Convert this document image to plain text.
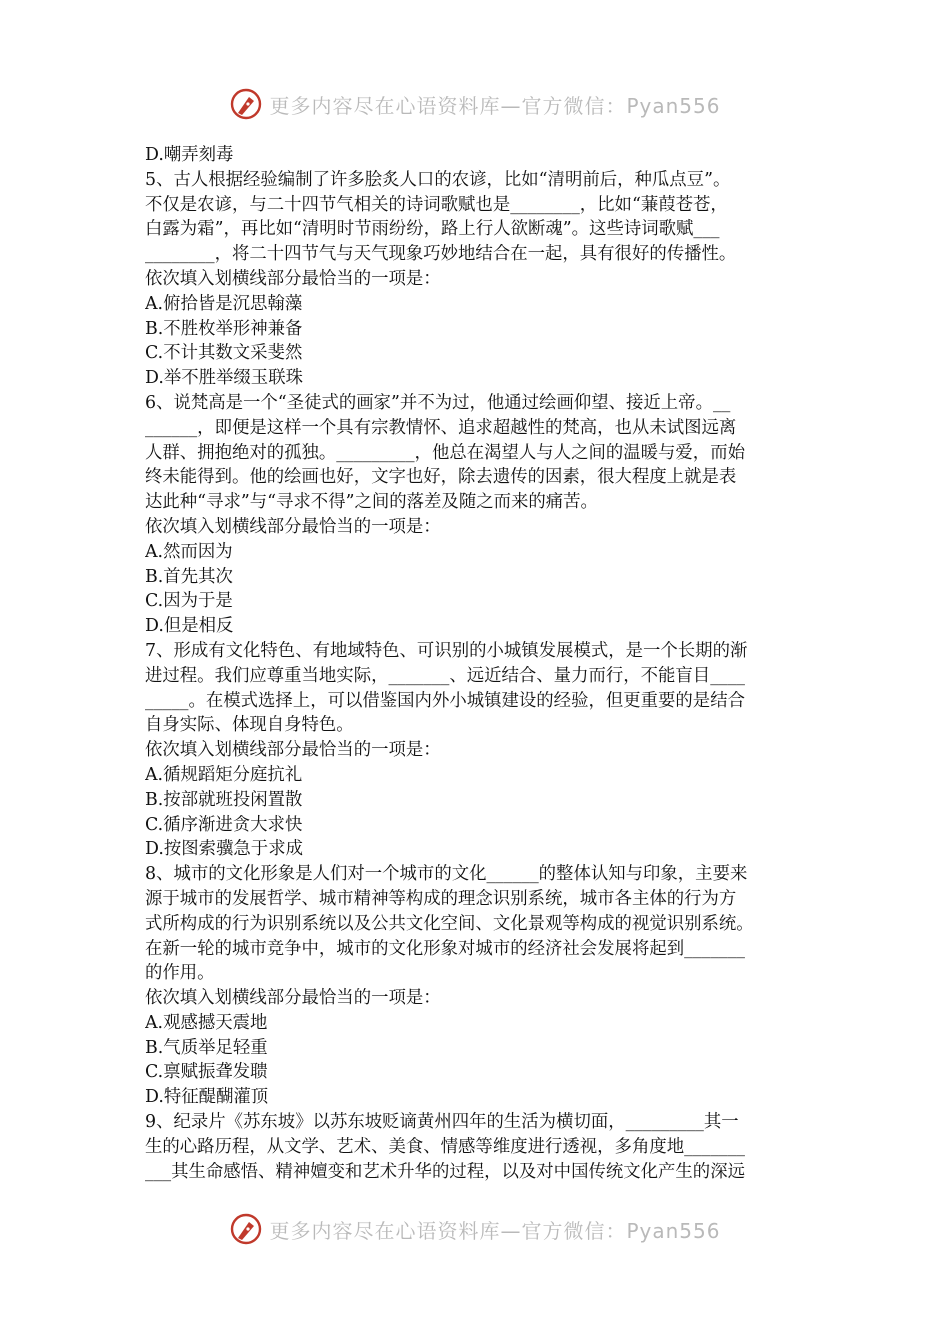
更多内容尽在心语资料库—官方微信：Pyan556
D.嘲弄刻毒
5、古人根据经验编制了许多脍炙人口的农谚，比如“清明前后，种瓜点豆”。
不仅是农谚，与二十四节气相关的诗词歌赋也是________，比如“蒹葭苍苍，
白露为霜”，再比如“清明时节雨纷纷，路上行人欲断魂”。这些诗词歌赋___
________，将二十四节气与天气现象巧妙地结合在一起，具有很好的传播性。
依次填入划横线部分最恰当的一项是：
A.俯拾皆是沉思翰藻
B.不胜枚举形神兼备
C.不计其数文采斐然
D.举不胜举缀玉联珠
6、说梵高是一个“圣徒式的画家”并不为过，他通过绘画仰望、接近上帝。__
______，即便是这样一个具有宗教情怀、追求超越性的梵高，也从未试图远离
人群、拥抱绝对的孤独。_________，他总在渴望人与人之间的温暖与爱，而始
终未能得到。他的绘画也好，文字也好，除去遗传的因素，很大程度上就是表
达此种“寻求”与“寻求不得”之间的落差及随之而来的痛苦。
依次填入划横线部分最恰当的一项是：
A.然而因为
B.首先其次
C.因为于是
D.但是相反
7、形成有文化特色、有地域特色、可识别的小城镇发展模式，是一个长期的渐
进过程。我们应尊重当地实际，_______、远近结合、量力而行，不能盲目____
_____。在模式选择上，可以借鉴国内外小城镇建设的经验，但更重要的是结合
自身实际、体现自身特色。
依次填入划横线部分最恰当的一项是：
A.循规蹈矩分庭抗礼
B.按部就班投闲置散
C.循序渐进贪大求快
D.按图索骥急于求成
8、城市的文化形象是人们对一个城市的文化______的整体认知与印象，主要来
源于城市的发展哲学、城市精神等构成的理念识别系统，城市各主体的行为方
式所构成的行为识别系统以及公共文化空间、文化景观等构成的视觉识别系统。
在新一轮的城市竞争中，城市的文化形象对城市的经济社会发展将起到_______
的作用。
依次填入划横线部分最恰当的一项是：
A.观感撼天震地
B.气质举足轻重
C.禀赋振聋发聩
D.特征醍醐灌顶
9、纪录片《苏东坡》以苏东坡贬谪黄州四年的生活为横切面，_________其一
生的心路历程，从文学、艺术、美食、情感等维度进行透视，多角度地_______
___其生命感悟、精神嬗变和艺术升华的过程，以及对中国传统文化产生的深远
更多内容尽在心语资料库—官方微信：Pyan556
